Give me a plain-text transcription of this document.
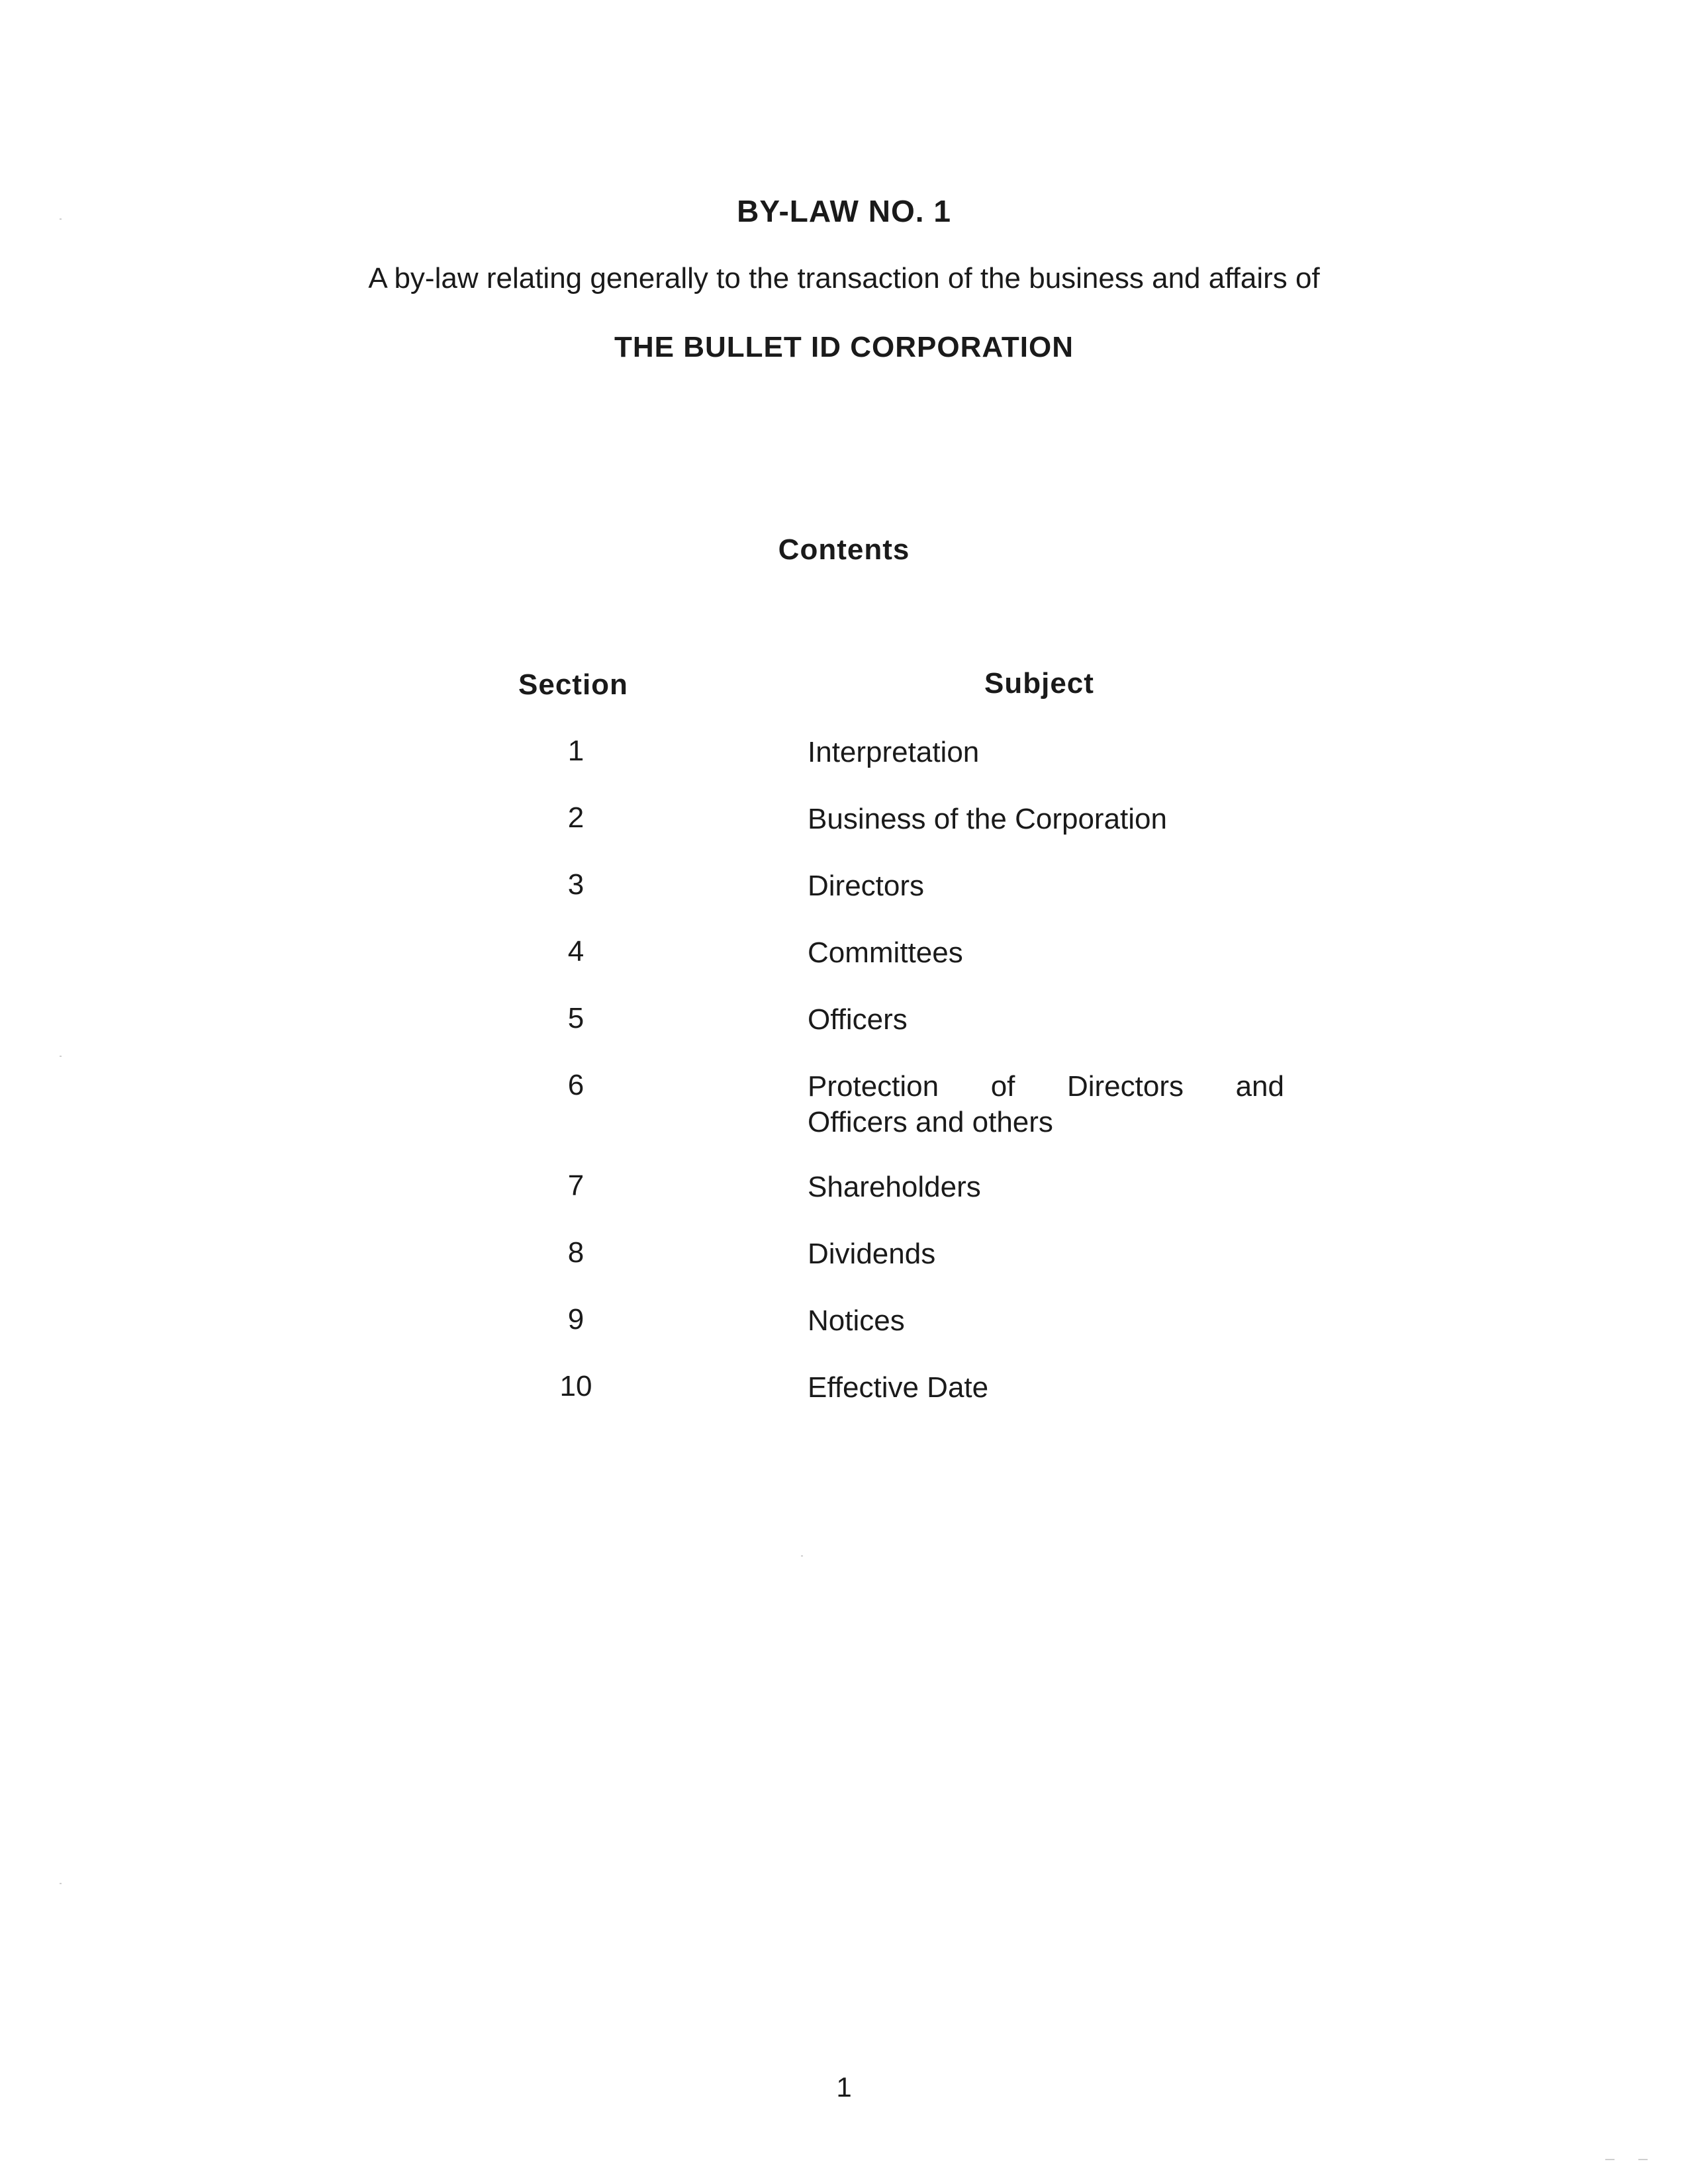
BY-LAW NO. 1
A by-law relating generally to the transaction of the business and affairs of
THE BULLET ID CORPORATION
Contents
Section	Subject
1	Interpretation
2	Business of the Corporation
3	Directors
4	Committees
5	Officers
6	Protection of Directors and
Officers and others
7	Shareholders
8	Dividends
9	Notices
10	Effective Date
1
